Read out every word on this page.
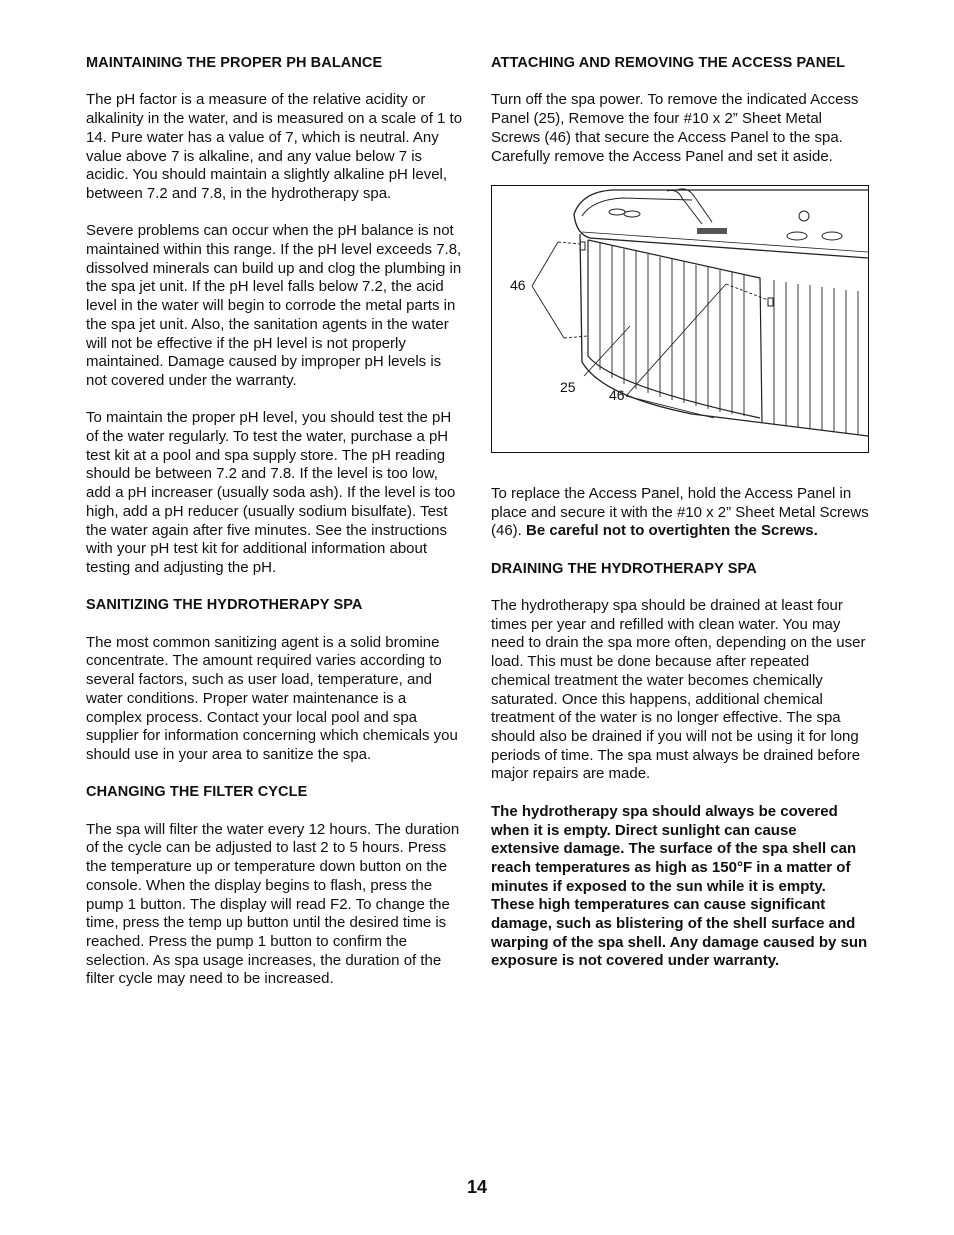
MAINTAINING THE PROPER PH BALANCE

The pH factor is a measure of the relative acidity or alkalinity in the water, and is measured on a scale of 1 to 14. Pure water has a value of 7, which is neutral. Any value above 7 is alkaline, and any value below 7 is acidic. You should maintain a slightly alkaline pH level, between 7.2 and 7.8, in the hydrotherapy spa.

Severe problems can occur when the pH balance is not maintained within this range. If the pH level exceeds 7.8, dissolved minerals can build up and clog the plumbing in the spa jet unit. If the pH level falls below 7.2, the acid level in the water will begin to corrode the metal parts in the spa jet unit. Also, the sanitation agents in the water will not be effective if the pH level is not properly maintained. Damage caused by improper pH levels is not covered under the warranty.

To maintain the proper pH level, you should test the pH of the water regularly. To test the water, purchase a pH test kit at a pool and spa supply store. The pH reading should be between 7.2 and 7.8. If the level is too low, add a pH increaser (usually soda ash). If the level is too high, add a pH reducer (usually sodium bisulfate). Test the water again after five minutes. See the instructions with your pH test kit for additional information about testing and adjusting the pH.

SANITIZING THE HYDROTHERAPY SPA

The most common sanitizing agent is a solid bromine concentrate. The amount required varies according to several factors, such as user load, temperature, and water conditions. Proper water maintenance is a complex process. Contact your local pool and spa supplier for information concerning which chemicals you should use in your area to sanitize the spa.

CHANGING THE FILTER CYCLE

The spa will filter the water every 12 hours. The duration of the cycle can be adjusted to last 2 to 5 hours. Press the temperature up or temperature down button on the console. When the display begins to flash, press the pump 1 button. The display will read F2. To change the time, press the temp up button until the desired time is reached. Press the pump 1 button to confirm the selection. As spa usage increases, the duration of the filter cycle may need to be increased.

ATTACHING AND REMOVING THE ACCESS PANEL

Turn off the spa power. To remove the indicated Access Panel (25), Remove the four #10 x 2” Sheet Metal Screws (46) that secure the Access Panel to the spa. Carefully remove the Access Panel and set it aside.

46
25 46

To replace the Access Panel, hold the Access Panel in place and secure it with the #10 x 2” Sheet Metal Screws (46). Be careful not to overtighten the Screws.

DRAINING THE HYDROTHERAPY SPA

The hydrotherapy spa should be drained at least four times per year and refilled with clean water. You may need to drain the spa more often, depending on the user load. This must be done because after repeated chemical treatment the water becomes chemically saturated. Once this happens, additional chemical treatment of the water is no longer effective. The spa should also be drained if you will not be using it for long periods of time. The spa must always be drained before major repairs are made.

The hydrotherapy spa should always be covered when it is empty. Direct sunlight can cause extensive damage. The surface of the spa shell can reach temperatures as high as 150°F in a matter of minutes if exposed to the sun while it is empty. These high temperatures can cause significant damage, such as blistering of the shell surface and warping of the spa shell. Any damage caused by sun exposure is not covered under warranty.

14
